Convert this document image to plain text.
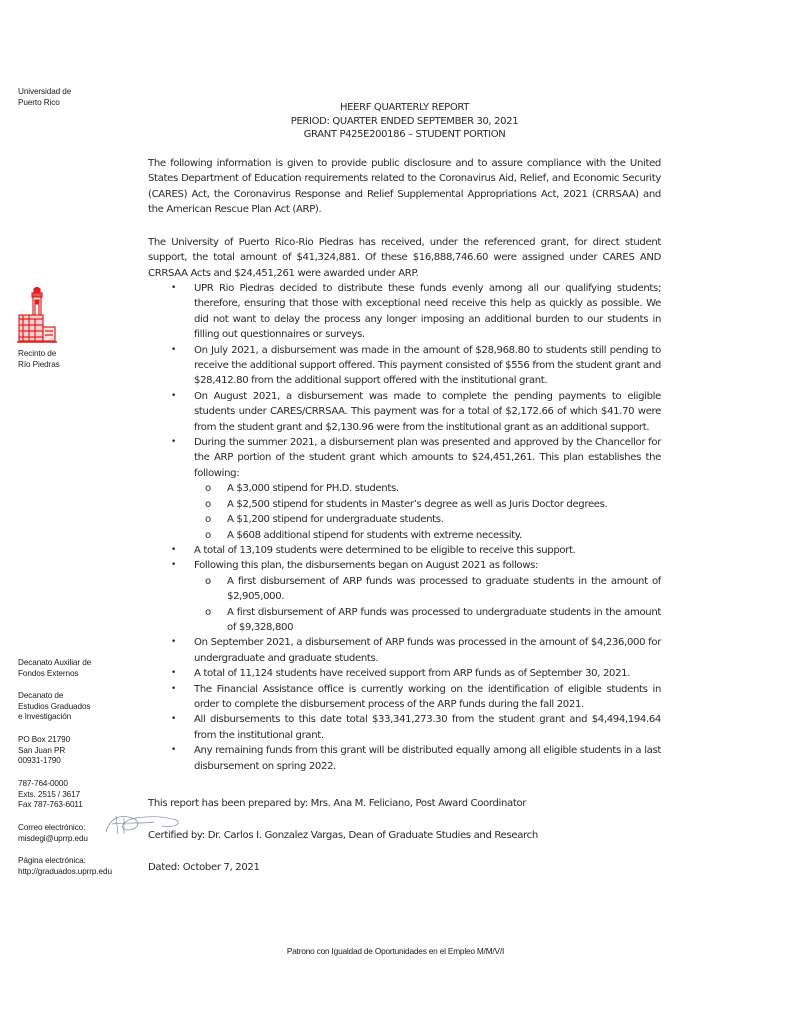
Universidad de
Puerto Rico
Recinto de
Río Piedras
Decanato Auxiliar de
Fondos Externos
Decanato de
Estudios Graduados
e Investigación
PO Box 21790
San Juan PR
00931-1790
787-764-0000
Exts. 2515 / 3617
Fax 787-763-6011
Correo electrónico:
misdegi@uprrp.edu
Página electrónica:
http://graduados.uprrp.edu
HEERF QUARTERLY REPORT
PERIOD: QUARTER ENDED SEPTEMBER 30, 2021
GRANT P425E200186 – STUDENT PORTION
The following information is given to provide public disclosure and to assure compliance with the United States Department of Education requirements related to the Coronavirus Aid, Relief, and Economic Security (CARES) Act, the Coronavirus Response and Relief Supplemental Appropriations Act, 2021 (CRRSAA) and the American Rescue Plan Act (ARP).
The University of Puerto Rico-Rio Piedras has received, under the referenced grant, for direct student support, the total amount of $41,324,881. Of these $16,888,746.60 were assigned under CARES AND CRRSAA Acts and $24,451,261 were awarded under ARP.
• UPR Rio Piedras decided to distribute these funds evenly among all our qualifying students; therefore, ensuring that those with exceptional need receive this help as quickly as possible. We did not want to delay the process any longer imposing an additional burden to our students in filling out questionnaires or surveys.
• On July 2021, a disbursement was made in the amount of $28,968.80 to students still pending to receive the additional support offered. This payment consisted of $556 from the student grant and $28,412.80 from the additional support offered with the institutional grant.
• On August 2021, a disbursement was made to complete the pending payments to eligible students under CARES/CRRSAA. This payment was for a total of $2,172.66 of which $41.70 were from the student grant and $2,130.96 were from the institutional grant as an additional support.
• During the summer 2021, a disbursement plan was presented and approved by the Chancellor for the ARP portion of the student grant which amounts to $24,451,261. This plan establishes the following:
o A $3,000 stipend for PH.D. students.
o A $2,500 stipend for students in Master’s degree as well as Juris Doctor degrees.
o A $1,200 stipend for undergraduate students.
o A $608 additional stipend for students with extreme necessity.
• A total of 13,109 students were determined to be eligible to receive this support.
• Following this plan, the disbursements began on August 2021 as follows:
o A first disbursement of ARP funds was processed to graduate students in the amount of $2,905,000.
o A first disbursement of ARP funds was processed to undergraduate students in the amount of $9,328,800
• On September 2021, a disbursement of ARP funds was processed in the amount of $4,236,000 for undergraduate and graduate students.
• A total of 11,124 students have received support from ARP funds as of September 30, 2021.
• The Financial Assistance office is currently working on the identification of eligible students in order to complete the disbursement process of the ARP funds during the fall 2021.
• All disbursements to this date total $33,341,273.30 from the student grant and $4,494,194.64 from the institutional grant.
• Any remaining funds from this grant will be distributed equally among all eligible students in a last disbursement on spring 2022.
This report has been prepared by: Mrs. Ana M. Feliciano, Post Award Coordinator
Certified by: Dr. Carlos I. Gonzalez Vargas, Dean of Graduate Studies and Research
Dated: October 7, 2021
Patrono con Igualdad de Oportunidades en el Empleo M/M/V/I
